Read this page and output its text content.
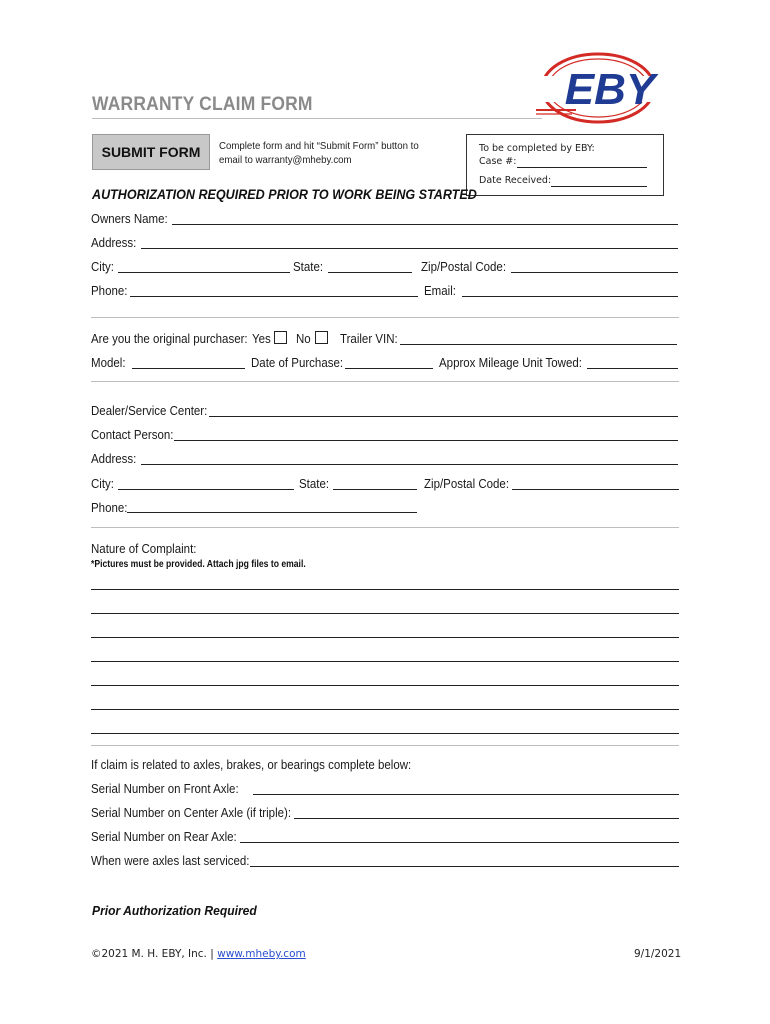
EBY
WARRANTY CLAIM FORM
SUBMIT FORM	Complete form and hit “Submit Form” button to
email to warranty@mheby.com
To be completed by EBY:
Case #:
Date Received:
AUTHORIZATION REQUIRED PRIOR TO WORK BEING STARTED
Owners Name:
Address:
City:	State:	Zip/Postal Code:
Phone:	Email:
Are you the original purchaser: Yes No Trailer VIN:
Model:	Date of Purchase:	Approx Mileage Unit Towed:
Dealer/Service Center:
Contact Person:
Address:
City:	State:	Zip/Postal Code:
Phone:
Nature of Complaint:
*Pictures must be provided. Attach jpg files to email.
If claim is related to axles, brakes, or bearings complete below:
Serial Number on Front Axle:
Serial Number on Center Axle (if triple):
Serial Number on Rear Axle:
When were axles last serviced:
Prior Authorization Required
©2021 M. H. EBY, Inc. | www.mheby.com	9/1/2021
